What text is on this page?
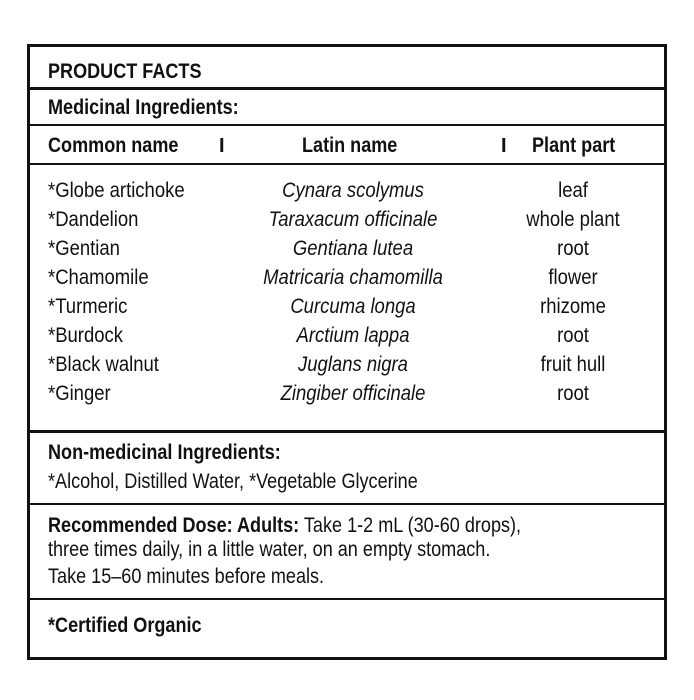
PRODUCT FACTS
Medicinal Ingredients:
Common name I	Latin name	I Plant part
*Globe artichoke	Cynara scolymus	leaf
*Dandelion	Taraxacum officinale	whole plant
*Gentian	Gentiana lutea	root
*Chamomile	Matricaria chamomilla	flower
*Turmeric	Curcuma longa	rhizome
*Burdock	Arctium lappa	root
*Black walnut	Juglans nigra	fruit hull
*Ginger	Zingiber officinale	root
Non-medicinal Ingredients:
*Alcohol, Distilled Water, *Vegetable Glycerine
Recommended Dose: Adults: Take 1-2 mL (30-60 drops),
three times daily, in a little water, on an empty stomach.
Take 15–60 minutes before meals.
*Certified Organic
